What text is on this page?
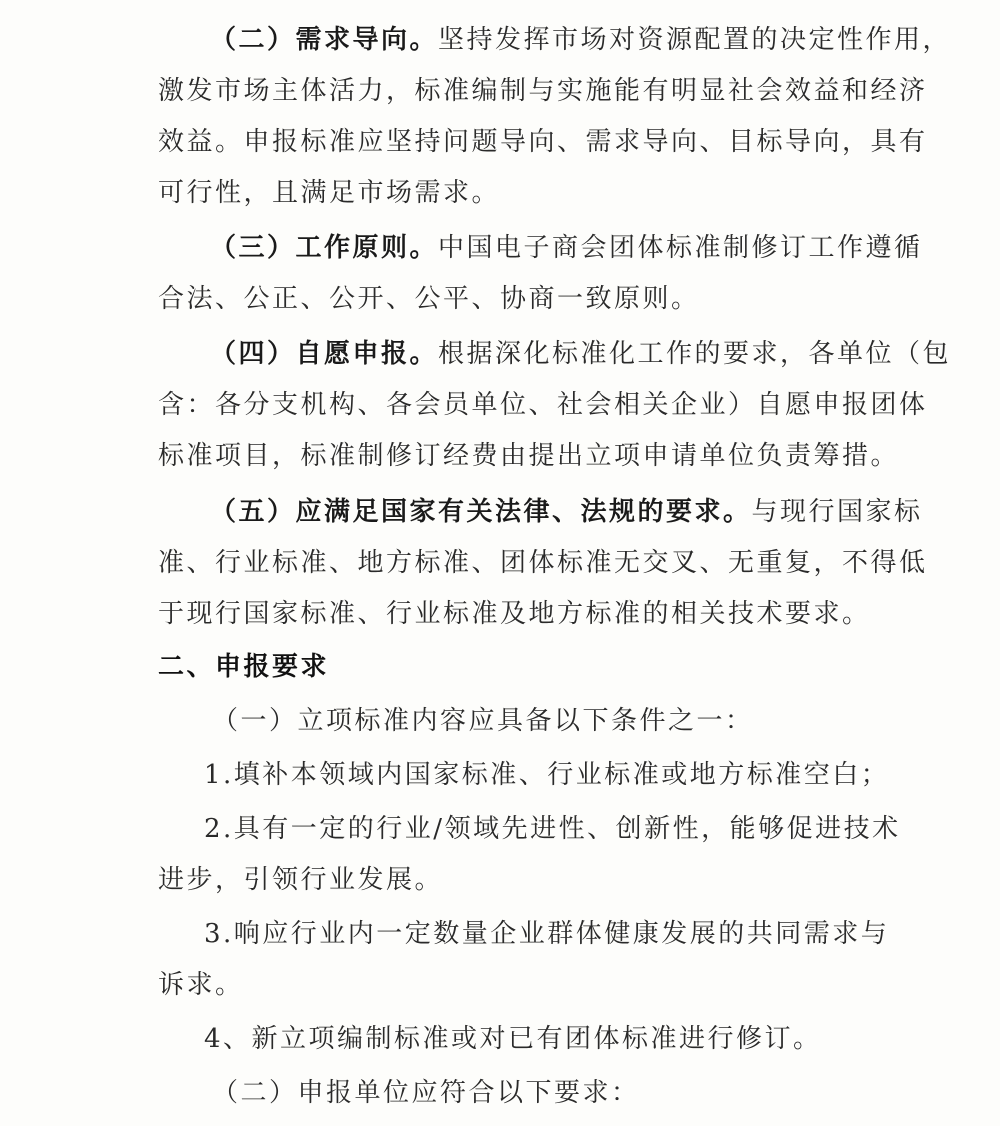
（二）需求导向。坚持发挥市场对资源配置的决定性作用，
激发市场主体活力，标准编制与实施能有明显社会效益和经济
效益。申报标准应坚持问题导向、需求导向、目标导向，具有
可行性，且满足市场需求。
（三）工作原则。中国电子商会团体标准制修订工作遵循
合法、公正、公开、公平、协商一致原则。
（四）自愿申报。根据深化标准化工作的要求，各单位（包
含：各分支机构、各会员单位、社会相关企业）自愿申报团体
标准项目，标准制修订经费由提出立项申请单位负责筹措。
（五）应满足国家有关法律、法规的要求。与现行国家标
准、行业标准、地方标准、团体标准无交叉、无重复，不得低
于现行国家标准、行业标准及地方标准的相关技术要求。
二、申报要求
（一）立项标准内容应具备以下条件之一：
1.填补本领域内国家标准、行业标准或地方标准空白；
2.具有一定的行业/领域先进性、创新性，能够促进技术
进步，引领行业发展。
3.响应行业内一定数量企业群体健康发展的共同需求与
诉求。
4、新立项编制标准或对已有团体标准进行修订。
（二）申报单位应符合以下要求：
